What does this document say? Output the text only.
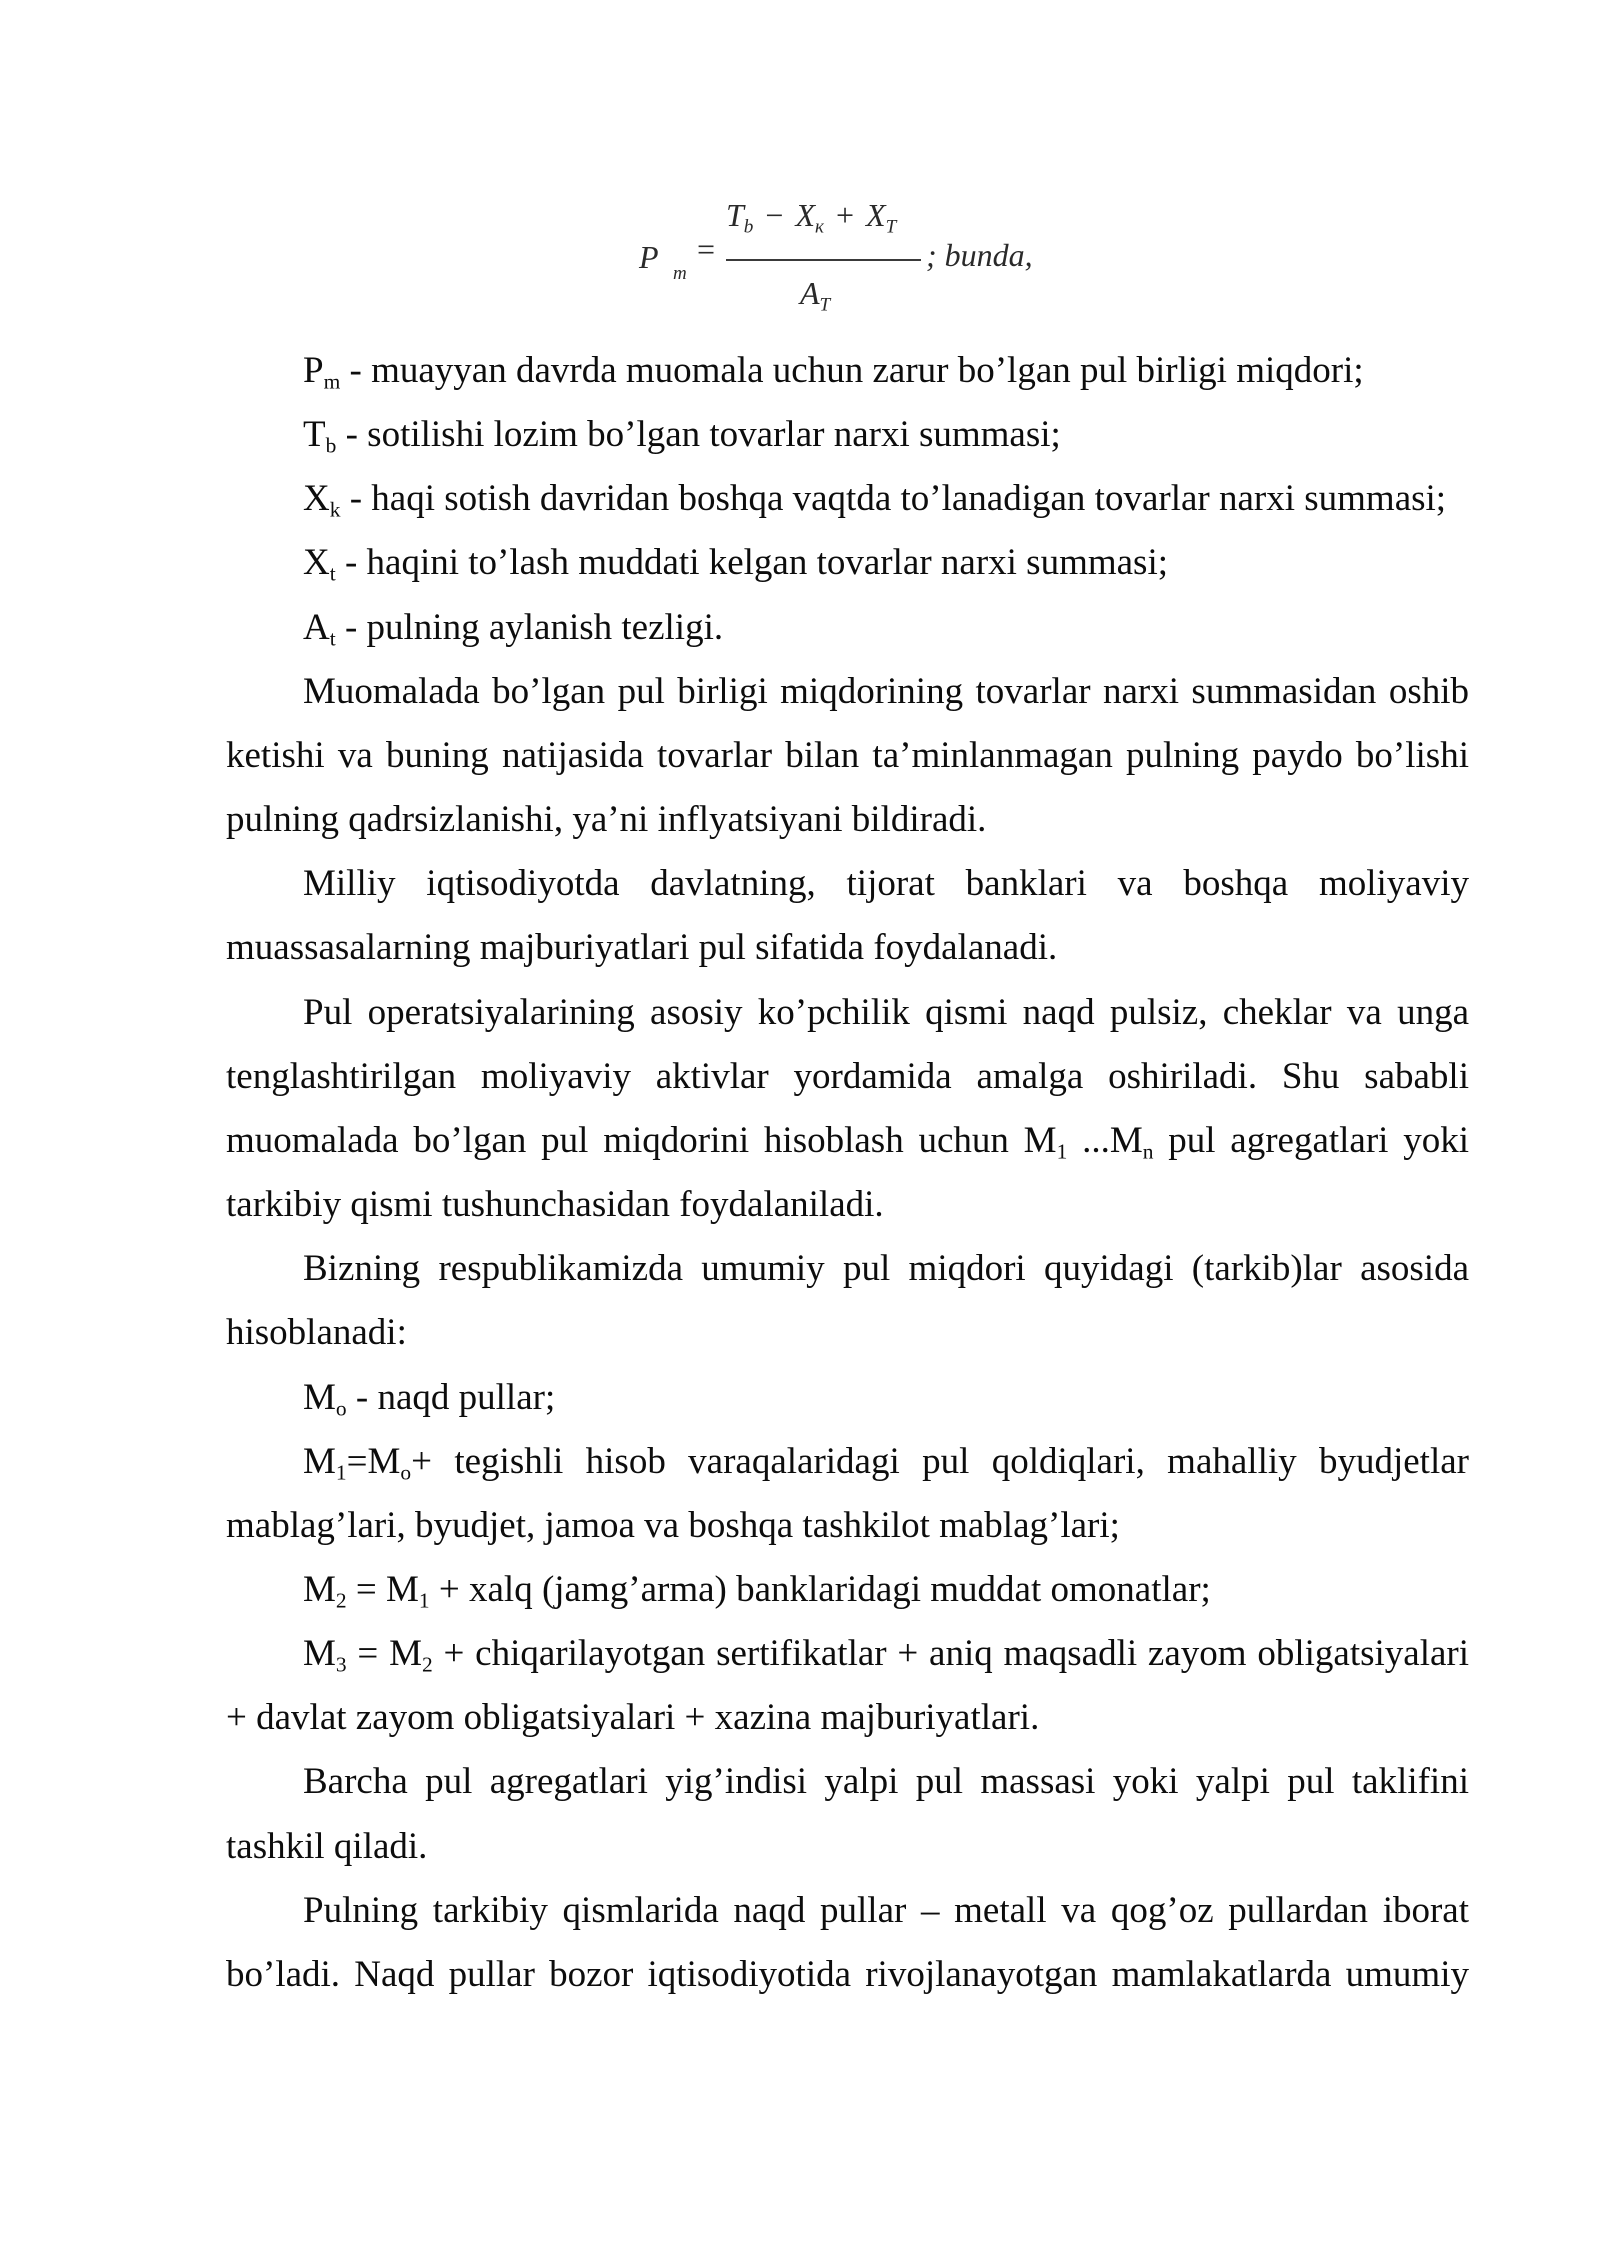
P m
=
$T_b - X_к + X_T$
$A_T$
; bunda,
Pm - muayyan davrda muomala uchun zarur bo’lgan pul birligi miqdori;
Tb - sotilishi lozim bo’lgan tovarlar narxi summasi;
Xk - haqi sotish davridan boshqa vaqtda to’lanadigan tovarlar narxi summasi;
Xt - haqini to’lash muddati kelgan tovarlar narxi summasi;
At - pulning aylanish tezligi.
Muomalada bo’lgan pul birligi miqdorining tovarlar narxi summasidan oshib
ketishi va buning natijasida tovarlar bilan ta’minlanmagan pulning paydo bo’lishi
pulning qadrsizlanishi, ya’ni inflyatsiyani bildiradi.
Milliy iqtisodiyotda davlatning, tijorat banklari va boshqa moliyaviy
muassasalarning majburiyatlari pul sifatida foydalanadi.
Pul operatsiyalarining asosiy ko’pchilik qismi naqd pulsiz, cheklar va unga
tenglashtirilgan moliyaviy aktivlar yordamida amalga oshiriladi. Shu sababli
muomalada bo’lgan pul miqdorini hisoblash uchun M1 ...Mn pul agregatlari yoki
tarkibiy qismi tushunchasidan foydalaniladi.
Bizning respublikamizda umumiy pul miqdori quyidagi (tarkib)lar asosida
hisoblanadi:
Mo - naqd pullar;
M1=Mo+ tegishli hisob varaqalaridagi pul qoldiqlari, mahalliy byudjetlar
mablag’lari, byudjet, jamoa va boshqa tashkilot mablag’lari;
M2 = M1 + xalq (jamg’arma) banklaridagi muddat omonatlar;
M3 = M2 + chiqarilayotgan sertifikatlar + aniq maqsadli zayom obligatsiyalari
+ davlat zayom obligatsiyalari + xazina majburiyatlari.
Barcha pul agregatlari yig’indisi yalpi pul massasi yoki yalpi pul taklifini
tashkil qiladi.
Pulning tarkibiy qismlarida naqd pullar – metall va qog’oz pullardan iborat
bo’ladi. Naqd pullar bozor iqtisodiyotida rivojlanayotgan mamlakatlarda umumiy
